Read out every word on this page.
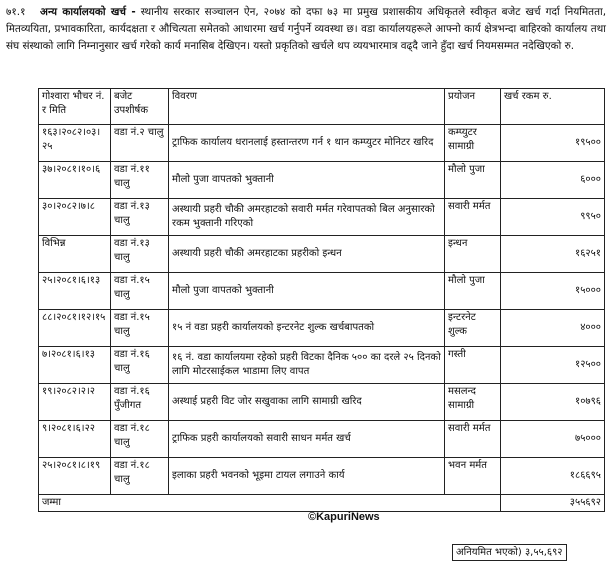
७१.१ अन्य कार्यालयको खर्च - स्थानीय सरकार सञ्चालन ऐन, २०७४ को दफा ७३ मा प्रमुख प्रशासकीय अधिकृतले स्वीकृत बजेट खर्च गर्दा नियमितता, मितव्ययिता, प्रभावकारिता, कार्यदक्षता र औचित्यता समेतको आधारमा खर्च गर्नुपर्ने व्यवस्था छ। वडा कार्यालयहरूले आफ्नो कार्य क्षेत्रभन्दा बाहिरको कार्यालय तथा संघ संस्थाको लागि निम्नानुसार खर्च गरेको कार्य मनासिब देखिएन। यस्तो प्रकृतिको खर्चले थप व्ययभारमात्र वढ्दै जाने हुँदा खर्च नियमसम्मत नदेखिएको रु.
गोश्वारा भौचर नं. र मिति	बजेट उपशीर्षक	विवरण	प्रयोजन	खर्च रकम रु.
१६३।२०८२।०३।२५	वडा नं.२ चालु	ट्राफिक कार्यालय धरानलाई हस्तान्तरण गर्न १ थान कम्प्युटर मोनिटर खरिद	कम्प्युटर सामाग्री	१९५००
३७।२०८१।१०।६	वडा नं.११ चालु	मौलो पुजा वापतको भुक्तानी	मौलो पुजा	६०००
३०।२०८२।७।८	वडा नं.१३ चालु	अस्थायी प्रहरी चौकी अमरहाटको सवारी मर्मत गरेवापतको बिल अनुसारको रकम भुक्तानी गरिएको	सवारी मर्मत	९९५०
विभिन्न	वडा नं.१३ चालु	अस्थायी प्रहरी चौकी अमरहाटका प्रहरीको इन्धन	इन्धन	१६२५१
२५।२०८१।६।१३	वडा नं.१५ चालु	मौलो पुजा वापतको भुक्तानी	मौलो पुजा	१५०००
८८।२०८१।१२।१५	वडा नं.१५ चालु	१५ नं वडा प्रहरी कार्यालयको इन्टरनेट शुल्क खर्चबापतको	इन्टरनेट शुल्क	४०००
७।२०८१।६।१३	वडा नं.१६ चालु	१६ नं. वडा कार्यालयमा रहेको प्रहरी विटका दैनिक ५०० का दरले २५ दिनको लागि मोटरसाईकल भाडामा लिए वापत	गस्ती	१२५००
१९।२०८२।२।२	वडा नं.१६ पुँजीगत	अस्थाई प्रहरी विट जोर सखुवाका लागि सामाग्री खरिद	मसलन्द सामाग्री	१०७९६
९।२०८१।६।२२	वडा नं.१८ चालु	ट्राफिक प्रहरी कार्यालयको सवारी साधन मर्मत खर्च	सवारी मर्मत	७५०००
२५।२०८१।८।१९	वडा नं.१८ चालु	इलाका प्रहरी भवनको भूइमा टायल लगाउने कार्य	भवन मर्मत	१८६६९५
जम्मा				३५५६९२
©KapuriNews
अनियमित भएको) ३,५५,६९२
